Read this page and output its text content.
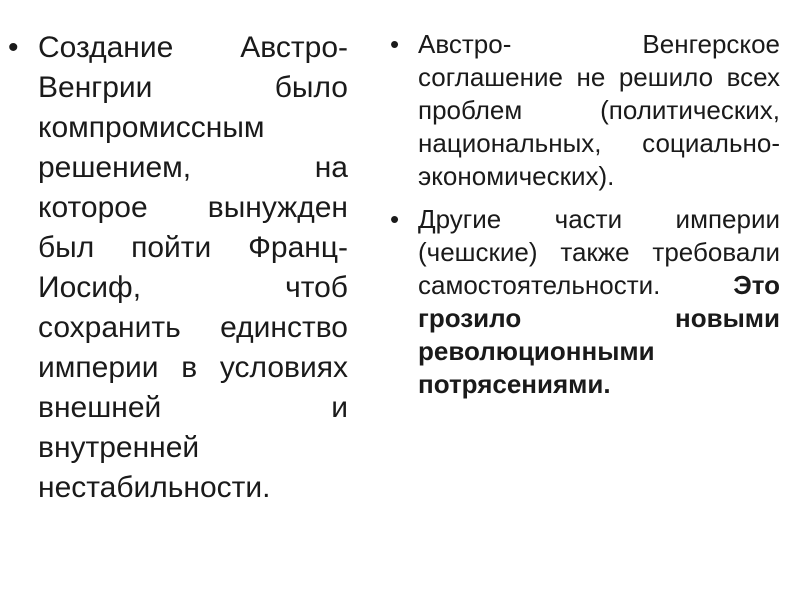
• Создание Австро-Венгрии было компромиссным решением, на которое вынужден был пойти Франц-Иосиф, чтоб сохранить единство империи в условиях внешней и внутренней нестабильности.
• Австро- Венгерское соглашение не решило всех проблем (политических, национальных, социально-экономических).
• Другие части империи (чешские) также требовали самостоятельности. Это грозило новыми революционными потрясениями.
